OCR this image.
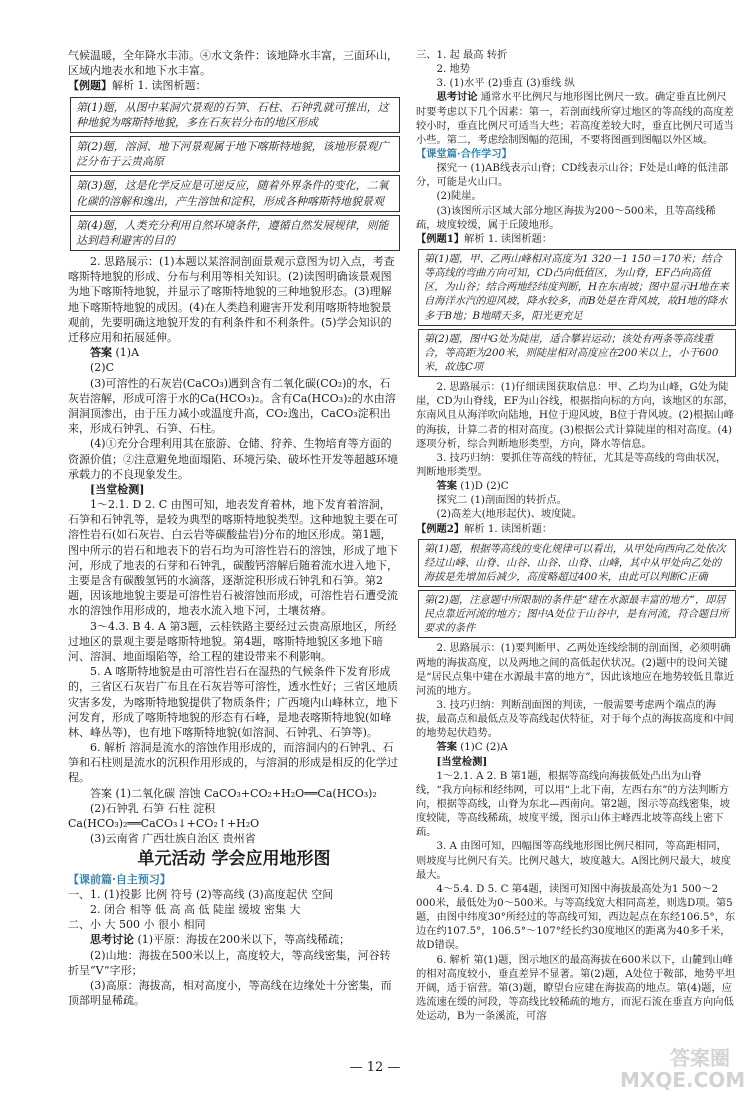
气候温暖，全年降水丰沛。④水文条件：该地降水丰富，三面环山，区域内地表水和地下水丰富。

【例题】解析 1. 读图析题：

第(1)题，从图中某洞穴景观的石笋、石柱、石钟乳就可推出，这种地貌为喀斯特地貌，多在石灰岩分布的地区形成

第(2)题，溶洞、地下河景观属于地下喀斯特地貌，该地形景观广泛分布于云贵高原

第(3)题，这是化学反应是可逆反应，随着外界条件的变化，二氧化碳的溶解和逸出，产生溶蚀和淀积，形成各种喀斯特地貌景观

第(4)题，人类充分利用自然环境条件，遵循自然发展规律，则能达到趋利避害的目的

2. 思路展示：(1)本题以某溶洞剖面景观示意图为切入点，考查喀斯特地貌的形成、分布与利用等相关知识。(2)读图明确该景观图为地下喀斯特地貌，并显示了喀斯特地貌的三种地貌形态。(3)理解地下喀斯特地貌的成因。(4)在人类趋利避害开发利用喀斯特地貌景观前，先要明确这地貌开发的有利条件和不利条件。(5)学会知识的迁移应用和拓展延伸。

答案 (1)A

(2)C

(3)可溶性的石灰岩(CaCO₃)遇到含有二氧化碳(CO₂)的水，石灰岩溶解，形成可溶于水的Ca(HCO₃)₂。含有Ca(HCO₃)₂的水由溶洞洞顶渗出，由于压力减小或温度升高，CO₂逸出，CaCO₃淀积出来，形成石钟乳、石笋、石柱。

(4)①充分合理利用其在旅游、仓储、狩养、生物培育等方面的资源价值；②注意避免地面塌陷、环境污染、破坏性开发等超越环境承载力的不良现象发生。

[当堂检测]

1～2.1. D 2. C 由图可知，地表发育着林，地下发育着溶洞，石笋和石钟乳等，是较为典型的喀斯特地貌类型。这种地貌主要在可溶性岩石(如石灰岩、白云岩等碳酸盐岩)分布的地区形成。第1题，图中所示的岩石和地表下的岩石均为可溶性岩石的溶蚀，形成了地下河，形成了地表的石芽和石钟乳，碳酸钙溶解后随着流水进入地下，主要是含有碳酸氢钙的水滴落，逐渐淀积形成石钟乳和石笋。第2题，因该地地貌主要是可溶性岩石被溶蚀而形成，可溶性岩石遭受流水的溶蚀作用形成的，地表水流入地下河，土壤贫瘠。

3～4.3. B 4. A 第3题，云桂铁路主要经过云贵高原地区，所经过地区的景观主要是喀斯特地貌。第4题，喀斯特地貌区多地下暗河、溶洞、地面塌陷等，给工程的建设带来不利影响。

5. A 喀斯特地貌是由可溶性岩石在湿热的气候条件下发育形成的，三省区石灰岩广布且在石灰岩等可溶性，透水性好；三省区地质灾害多发，为喀斯特地貌提供了物质条件；广西境内山峰林立，地下河发育，形成了喀斯特地貌的形态有石峰，是地表喀斯特地貌(如峰林、峰丛等)，也有地下喀斯特地貌(如溶洞、石钟乳、石笋等)。

6. 解析 溶洞是流水的溶蚀作用形成的，而溶洞内的石钟乳、石笋和石柱则是流水的沉积作用形成的，与溶洞的形成是相反的化学过程。

答案 (1)二氧化碳 溶蚀 CaCO₃+CO₂+H₂O══Ca(HCO₃)₂

(2)石钟乳 石笋 石柱 淀积 Ca(HCO₃)₂══CaCO₃↓+CO₂↑+H₂O

(3)云南省 广西壮族自治区 贵州省

单元活动 学会应用地形图

【课前篇·自主预习】

一、1. (1)投影 比例 符号 (2)等高线 (3)高度起伏 空间

2. 闭合 相等 低 高 高 低 陡崖 缓坡 密集 大

二、小 大 500 小 很小 相同

思考讨论 (1)平原：海拔在200米以下，等高线稀疏；

(2)山地：海拔在500米以上，高度较大，等高线密集，河谷转折呈“V”字形；

(3)高原：海拔高，相对高度小，等高线在边缘处十分密集，而顶部明显稀疏。

三、1. 起 最高 转折

2. 地势

3. (1)水平 (2)垂直 (3)垂线 纵

思考讨论 通常水平比例尺与地形图比例尺一致。确定垂直比例尺时要考虑以下几个因素：第一，若剖面线所穿过地区的等高线的高度差较小时，垂直比例尺可适当大些；若高度差较大时，垂直比例尺可适当小些。第二，考虑绘制图幅的范围，不要将图画到图幅以外区域。

【课堂篇·合作学习】

探究一 (1)AB线表示山脊；CD线表示山谷；F处是山峰的低洼部分，可能是火山口。

(2)陡崖。

(3)该图所示区域大部分地区海拔为200～500米，且等高线稀疏，坡度较缓，属于丘陵地形。

【例题1】解析 1. 读图析题：

第(1)题，甲、乙两山峰相对高度为1 320－1 150＝170米；结合等高线的弯曲方向可知，CD凸向低值区，为山脊，EF凸向高值区，为山谷；结合两地经纬度判断，H在东南坡；图中显示H地在来自海洋水汽的迎风坡，降水较多，而B处是在背风坡，故H地的降水多于B地；B地晴天多，阳光更充足

第(2)题，图中G处为陡崖，适合攀岩运动；该处有两条等高线重合，等高距为200米，则陡崖相对高度应在200米以上，小于600米，故选C项

2. 思路展示：(1)仔细读图获取信息：甲、乙均为山峰，G处为陡崖，CD为山脊线，EF为山谷线，根据指向标的方向，该地区的东部，东南风且从海洋吹向陆地，H位于迎风坡，B位于背风坡。(2)根据山峰的海拔，计算二者的相对高度。(3)根据公式计算陡崖的相对高度。(4)逐项分析，综合判断地形类型，方向，降水等信息。

3. 技巧归纳：要抓住等高线的特征，尤其是等高线的弯曲状况，判断地形类型。

答案 (1)D (2)C

探究二 (1)剖面图的转折点。

(2)高差大(地形起伏)、坡度陡。

【例题2】解析 1. 读图析题：

第(1)题，根据等高线的变化规律可以看出，从甲处向西向乙处依次经过山峰、山脊、山谷、山谷、山脊、山峰，其中从甲处向乙处的海拔是先增加后减少，高度略超过400米，由此可以判断C正确

第(2)题，注意题中所限制的条件是“建在水源最丰富的地方”，即居民点靠近河流的地方；图中A处位于山谷中，是有河流，符合题目所要求的条件

2. 思路展示：(1)要判断甲、乙两处连线绘制的剖面图，必须明确两地的海拔高度，以及两地之间的高低起伏状况。(2)题中的设问关键是“居民点集中建在水源最丰富的地方”，因此该地应在地势较低且靠近河流的地方。

3. 技巧归纳：判断剖面图的判读，一般需要考虑两个端点的海拔，最高点和最低点及等高线起伏特征，对于每个点的海拔高度和中间的地势起伏趋势。

答案 (1)C (2)A

[当堂检测]

1～2.1. A 2. B 第1题，根据等高线向海拔低处凸出为山脊线，“我方向标和经纬网，可以用“上北下南，左西右东”的方法判断方向，根据等高线，山脊为东北—西南向。第2题，图示等高线密集，坡度较陡，等高线稀疏，坡度平缓，图示山体主峰西北坡等高线上密下疏。

3. A 由图可知，四幅图等高线地形图比例尺相同，等高距相同，则坡度与比例尺有关。比例尺越大，坡度越大。A图比例尺最大，坡度最大。

4～5.4. D 5. C 第4题，读图可知图中海拔最高处为1 500～2 000米，最低处为0～500米。与等高线宽大相同高差，则选D项。第5题，由图中纬度30°所经过的等高线可知，西边起点在东经106.5°，东边在约107.5°，106.5°～107°经长约30度地区的距离为40多千米，故D错误。

6. 解析 第(1)题，图示地区的最高海拔在600米以下，山麓到山峰的相对高度较小，垂直差异不显著。第(2)题，A处位于鞍部，地势平坦开阔，适于宿营。第(3)题，瞭望台应建在海拔高的地点。第(4)题，应选流速在缓的河段，等高线比较稀疏的地方，而泥石流在垂直方向向低处运动，B为一条溪流，可溶

— 12 —	答案圈 MXQE.COM
